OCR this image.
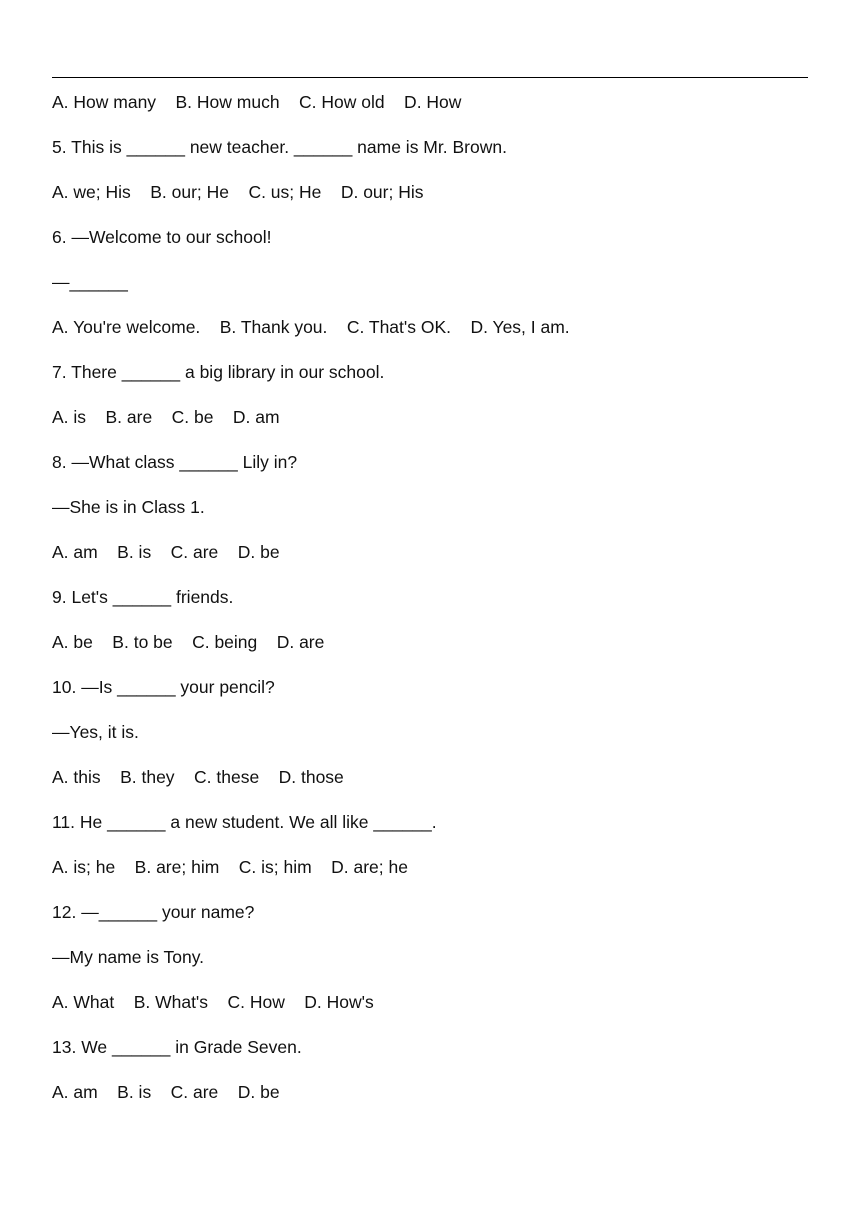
A. How many    B. How much    C. How old    D. How
5. This is ______ new teacher. ______ name is Mr. Brown.
A. we; His    B. our; He    C. us; He    D. our; His
6. —Welcome to our school!
—______
A. You're welcome.    B. Thank you.    C. That's OK.    D. Yes, I am.
7. There ______ a big library in our school.
A. is    B. are    C. be    D. am
8. —What class ______ Lily in?
—She is in Class 1.
A. am    B. is    C. are    D. be
9. Let's ______ friends.
A. be    B. to be    C. being    D. are
10. —Is ______ your pencil?
—Yes, it is.
A. this    B. they    C. these    D. those
11. He ______ a new student. We all like ______.
A. is; he    B. are; him    C. is; him    D. are; he
12. —______ your name?
—My name is Tony.
A. What    B. What's    C. How    D. How's
13. We ______ in Grade Seven.
A. am    B. is    C. are    D. be
